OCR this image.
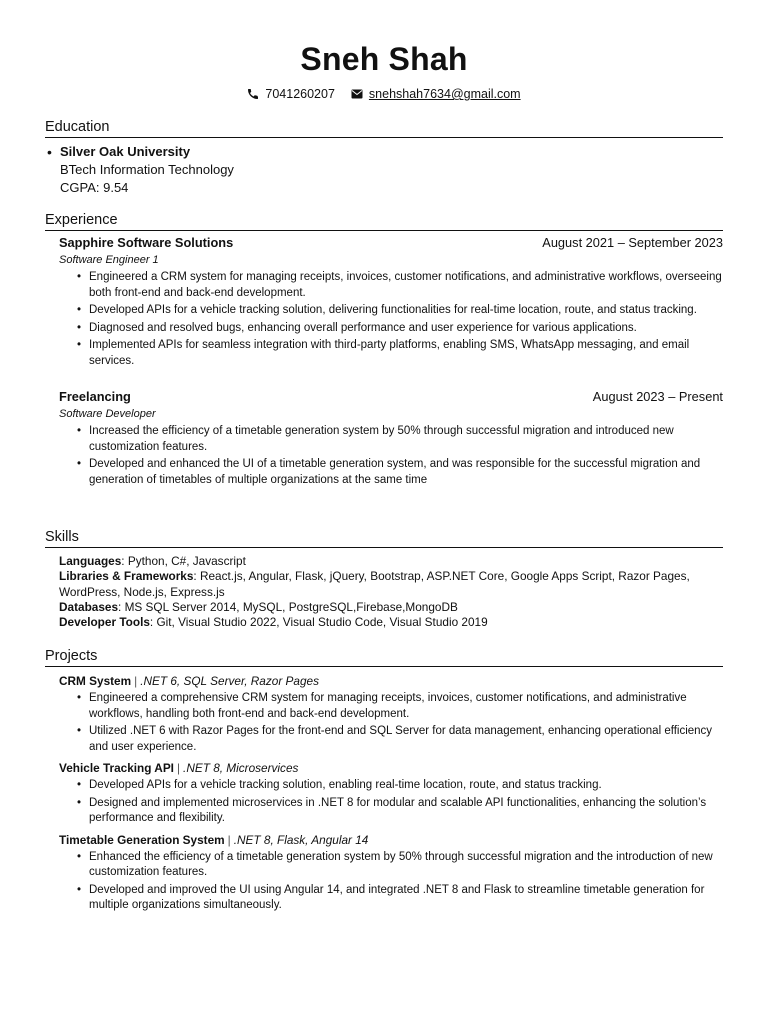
Sneh Shah
7041260207	snehshah7634@gmail.com
Education
• Silver Oak University
BTech Information Technology
CGPA: 9.54
Experience
Sapphire Software Solutions	August 2021 – September 2023
Software Engineer 1
• Engineered a CRM system for managing receipts, invoices, customer notifications, and administrative workflows, overseeing both front-end and back-end development.
• Developed APIs for a vehicle tracking solution, delivering functionalities for real-time location, route, and status tracking.
• Diagnosed and resolved bugs, enhancing overall performance and user experience for various applications.
• Implemented APIs for seamless integration with third-party platforms, enabling SMS, WhatsApp messaging, and email services.
Freelancing	August 2023 – Present
Software Developer
• Increased the efficiency of a timetable generation system by 50% through successful migration and introduced new customization features.
• Developed and enhanced the UI of a timetable generation system, and was responsible for the successful migration and generation of timetables of multiple organizations at the same time
Skills
Languages: Python, C#, Javascript
Libraries & Frameworks: React.js, Angular, Flask, jQuery, Bootstrap, ASP.NET Core, Google Apps Script, Razor Pages, WordPress, Node.js, Express.js
Databases: MS SQL Server 2014, MySQL, PostgreSQL,Firebase,MongoDB
Developer Tools: Git, Visual Studio 2022, Visual Studio Code, Visual Studio 2019
Projects
CRM System | .NET 6, SQL Server, Razor Pages
• Engineered a comprehensive CRM system for managing receipts, invoices, customer notifications, and administrative workflows, handling both front-end and back-end development.
• Utilized .NET 6 with Razor Pages for the front-end and SQL Server for data management, enhancing operational efficiency and user experience.
Vehicle Tracking API | .NET 8, Microservices
• Developed APIs for a vehicle tracking solution, enabling real-time location, route, and status tracking.
• Designed and implemented microservices in .NET 8 for modular and scalable API functionalities, enhancing the solution’s performance and flexibility.
Timetable Generation System | .NET 8, Flask, Angular 14
• Enhanced the efficiency of a timetable generation system by 50% through successful migration and the introduction of new customization features.
• Developed and improved the UI using Angular 14, and integrated .NET 8 and Flask to streamline timetable generation for multiple organizations simultaneously.
